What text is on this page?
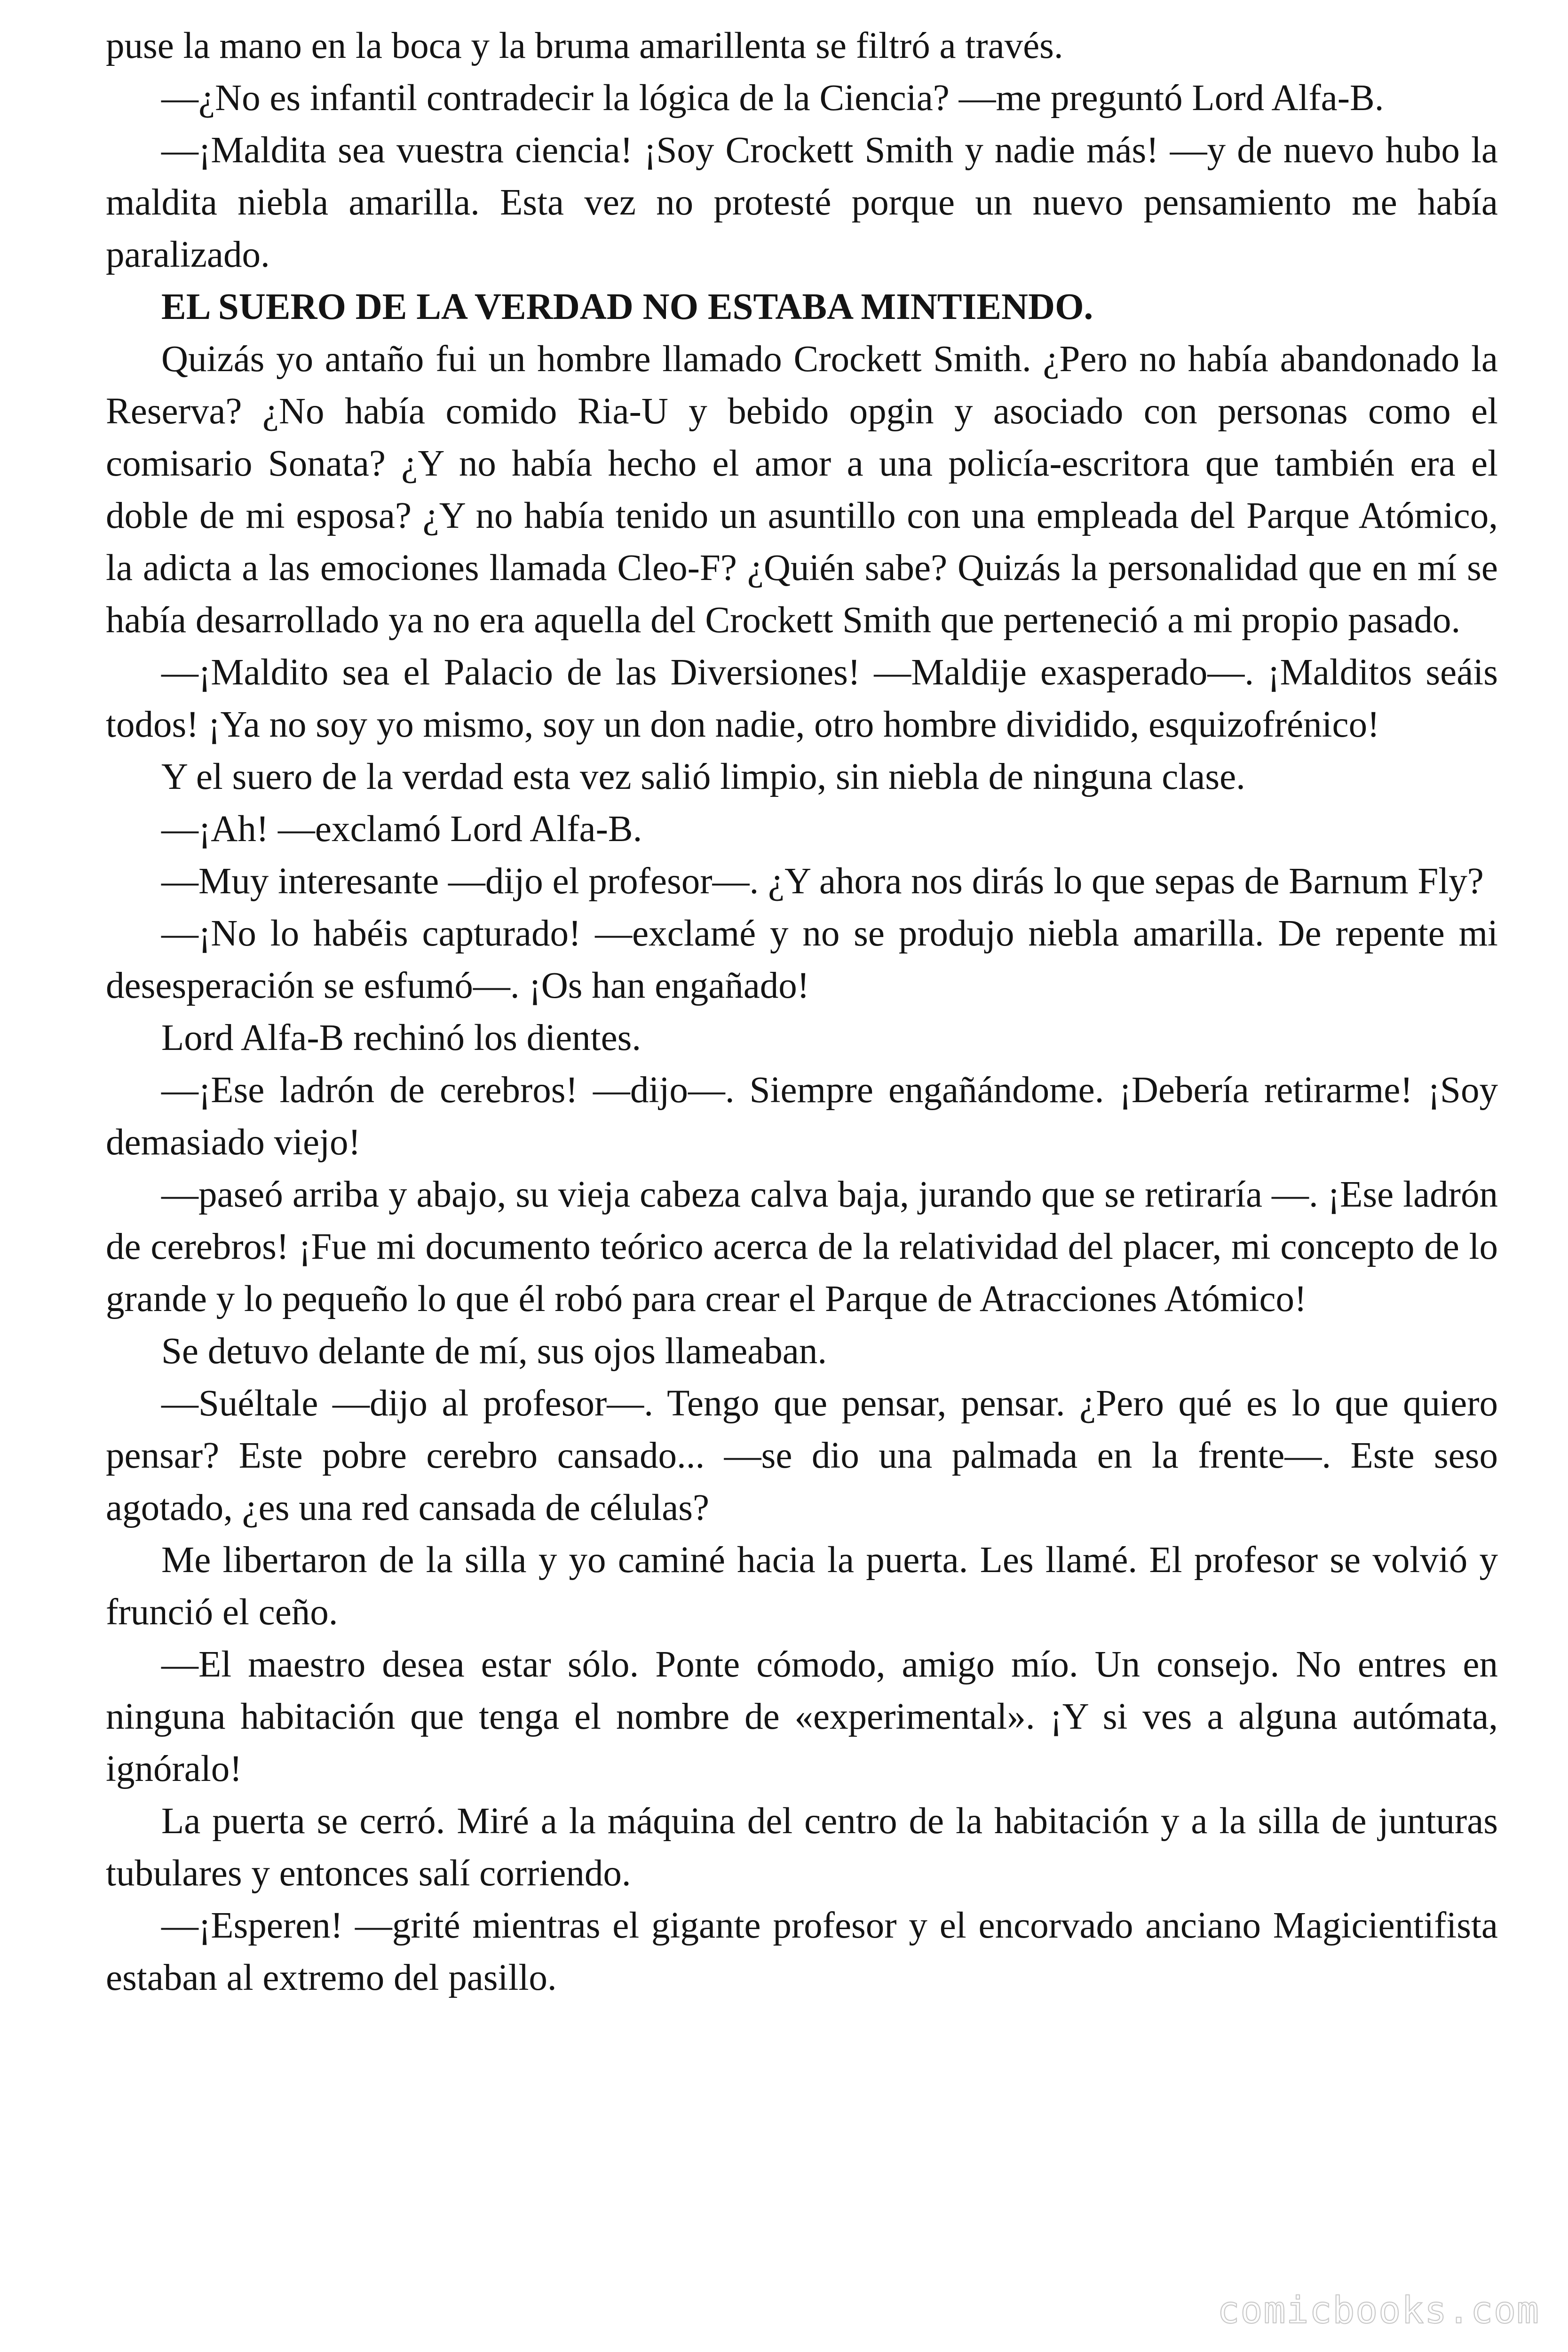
puse la mano en la boca y la bruma amarillenta se filtró a través.

—¿No es infantil contradecir la lógica de la Ciencia? —me preguntó Lord Alfa-B.

—¡Maldita sea vuestra ciencia! ¡Soy Crockett Smith y nadie más! —y de nuevo hubo la maldita niebla amarilla. Esta vez no protesté porque un nuevo pensamiento me había paralizado.

EL SUERO DE LA VERDAD NO ESTABA MINTIENDO.

Quizás yo antaño fui un hombre llamado Crockett Smith. ¿Pero no había abandonado la Reserva? ¿No había comido Ria-U y bebido opgin y asociado con personas como el comisario Sonata? ¿Y no había hecho el amor a una policía-escritora que también era el doble de mi esposa? ¿Y no había tenido un asuntillo con una empleada del Parque Atómico, la adicta a las emociones llamada Cleo-F? ¿Quién sabe? Quizás la personalidad que en mí se había desarrollado ya no era aquella del Crockett Smith que perteneció a mi propio pasado.

—¡Maldito sea el Palacio de las Diversiones! —Maldije exasperado—. ¡Malditos seáis todos! ¡Ya no soy yo mismo, soy un don nadie, otro hombre dividido, esquizofrénico!

Y el suero de la verdad esta vez salió limpio, sin niebla de ninguna clase.

—¡Ah! —exclamó Lord Alfa-B.

—Muy interesante —dijo el profesor—. ¿Y ahora nos dirás lo que sepas de Barnum Fly?

—¡No lo habéis capturado! —exclamé y no se produjo niebla amarilla. De repente mi desesperación se esfumó—. ¡Os han engañado!

Lord Alfa-B rechinó los dientes.

—¡Ese ladrón de cerebros! —dijo—. Siempre engañándome. ¡Debería retirarme! ¡Soy demasiado viejo!

—paseó arriba y abajo, su vieja cabeza calva baja, jurando que se retiraría —. ¡Ese ladrón de cerebros! ¡Fue mi documento teórico acerca de la relatividad del placer, mi concepto de lo grande y lo pequeño lo que él robó para crear el Parque de Atracciones Atómico!

Se detuvo delante de mí, sus ojos llameaban.

—Suéltale —dijo al profesor—. Tengo que pensar, pensar. ¿Pero qué es lo que quiero pensar? Este pobre cerebro cansado... —se dio una palmada en la frente—. Este seso agotado, ¿es una red cansada de células?

Me libertaron de la silla y yo caminé hacia la puerta. Les llamé. El profesor se volvió y frunció el ceño.

—El maestro desea estar sólo. Ponte cómodo, amigo mío. Un consejo. No entres en ninguna habitación que tenga el nombre de «experimental». ¡Y si ves a alguna autómata, ignóralo!

La puerta se cerró. Miré a la máquina del centro de la habitación y a la silla de junturas tubulares y entonces salí corriendo.

—¡Esperen! —grité mientras el gigante profesor y el encorvado anciano Magicientifista estaban al extremo del pasillo.

comicbooks.com
